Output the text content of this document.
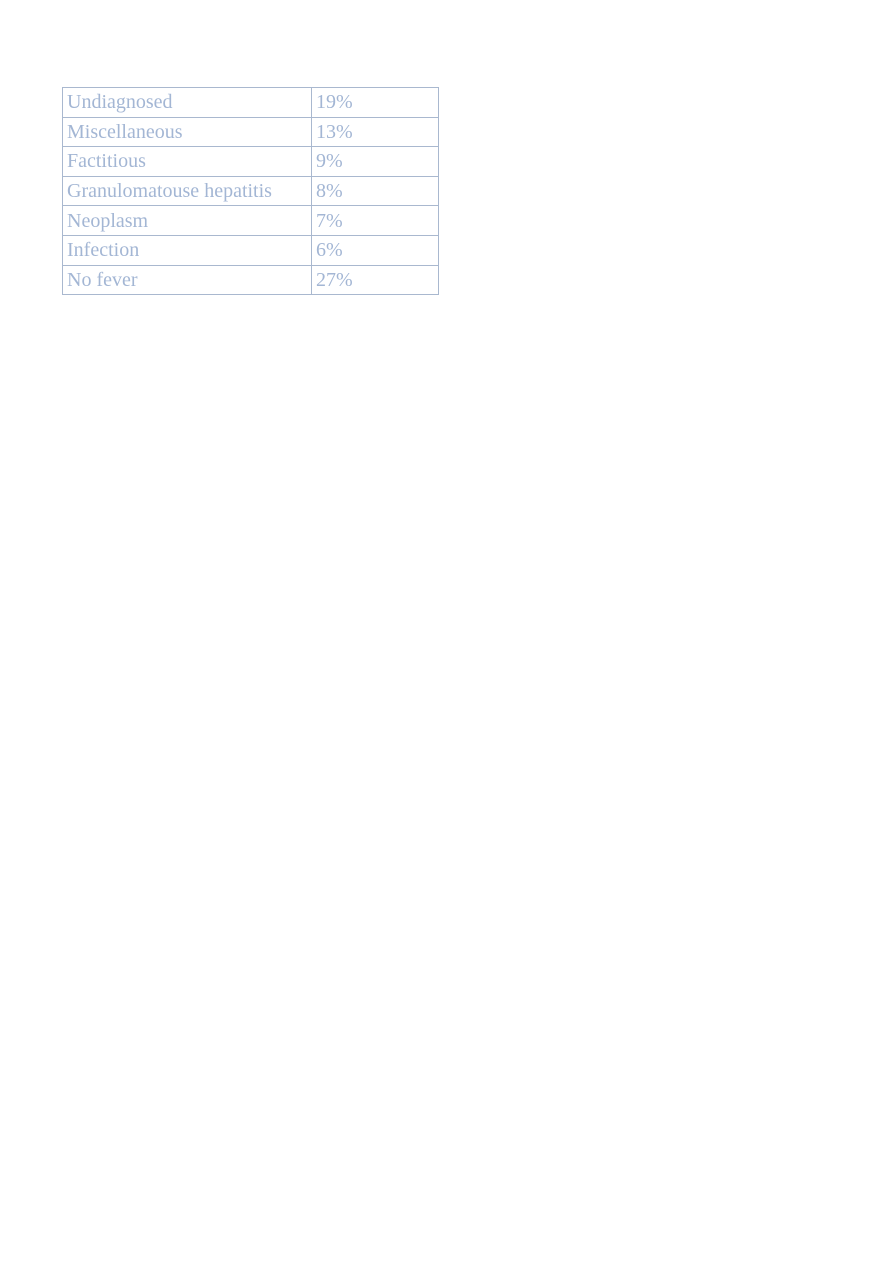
Undiagnosed	19%
Miscellaneous	13%
Factitious	9%
Granulomatouse hepatitis	8%
Neoplasm	7%
Infection	6%
No fever	27%
